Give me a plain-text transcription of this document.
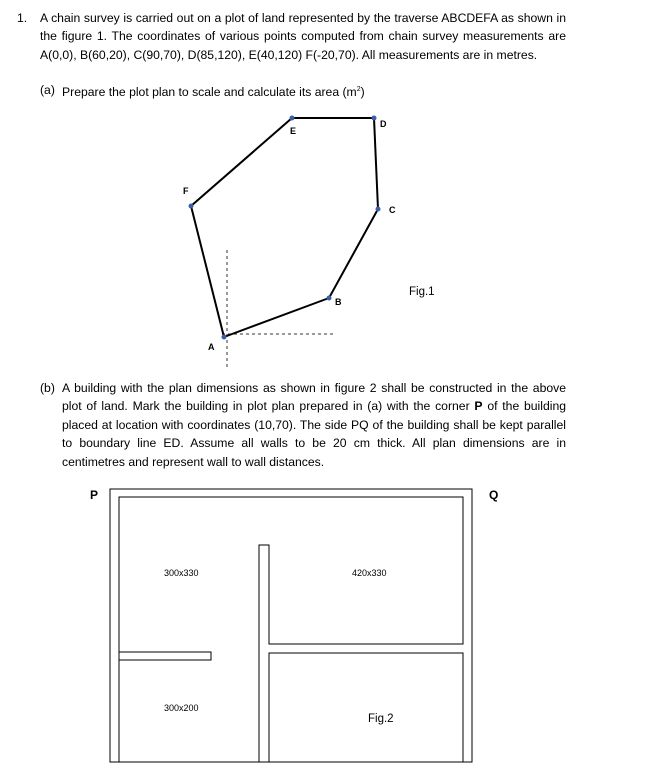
1. A chain survey is carried out on a plot of land represented by the traverse ABCDEFA as shown in the figure 1. The coordinates of various points computed from chain survey measurements are A(0,0), B(60,20), C(90,70), D(85,120), E(40,120) F(-20,70). All measurements are in metres.
(a) Prepare the plot plan to scale and calculate its area $(m^2)$
A
B
C
D
E
F
Fig.1
(b) A building with the plan dimensions as shown in figure 2 shall be constructed in the above plot of land. Mark the building in plot plan prepared in (a) with the corner P of the building placed at location with coordinates (10,70). The side PQ of the building shall be kept parallel to boundary line ED. Assume all walls to be 20 cm thick. All plan dimensions are in centimetres and represent wall to wall distances.
P	Q
300x330	420x330
300x200
Fig.2
